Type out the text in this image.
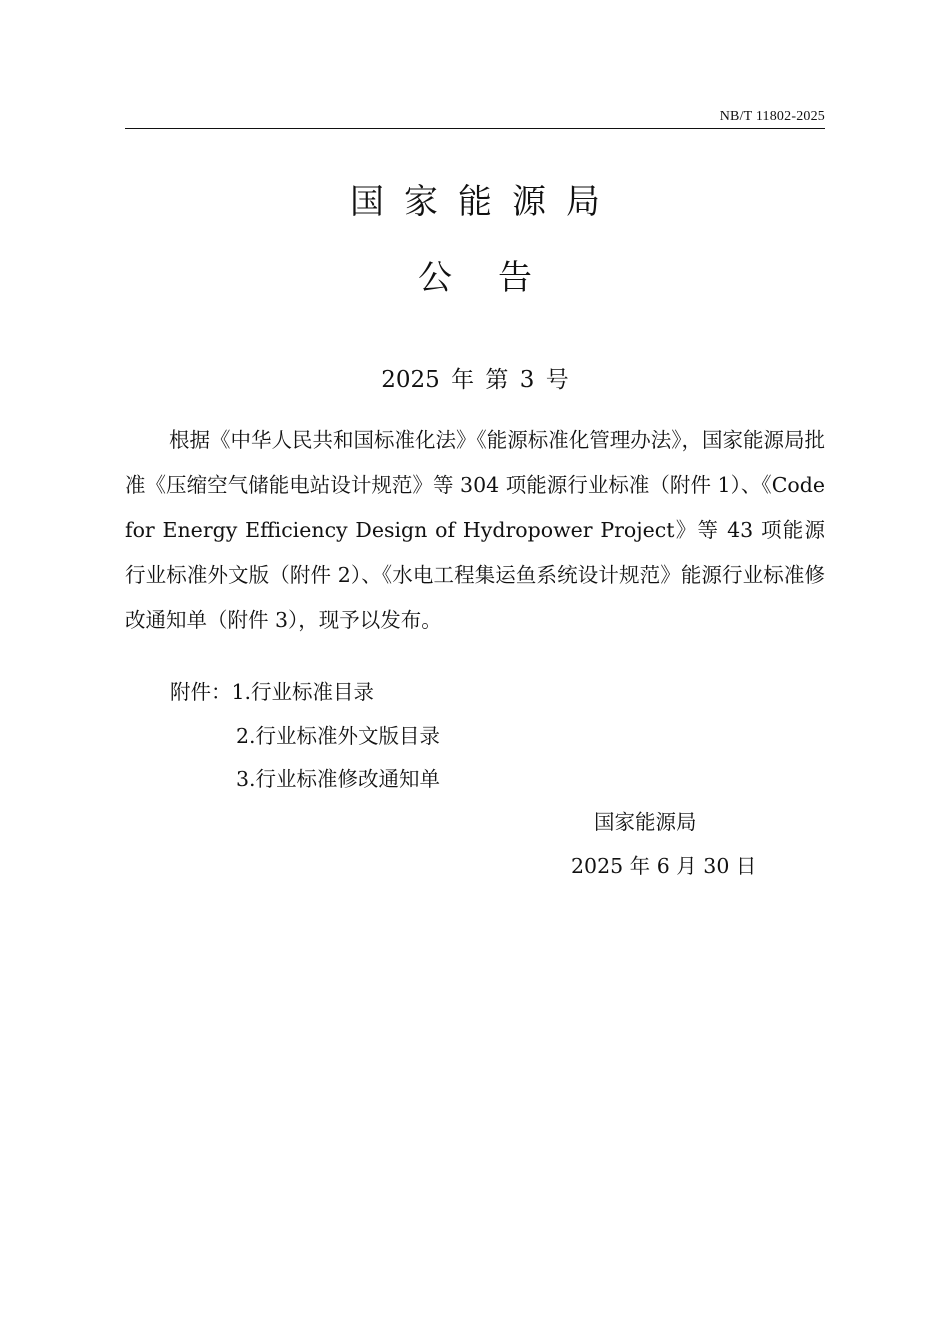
NB/T 11802-2025
国家能源局
公告
2025 年 第 3 号

根据《中华人民共和国标准化法》《能源标准化管理办法》，国家能源局批准《压缩空气储能电站设计规范》等 304 项能源行业标准（附件 1）、《Code for Energy Efficiency Design of Hydropower Project》等 43 项能源行业标准外文版（附件 2）、《水电工程集运鱼系统设计规范》能源行业标准修改通知单（附件 3），现予以发布。

附件：1.行业标准目录
2.行业标准外文版目录
3.行业标准修改通知单
国家能源局
2025 年 6 月 30 日
